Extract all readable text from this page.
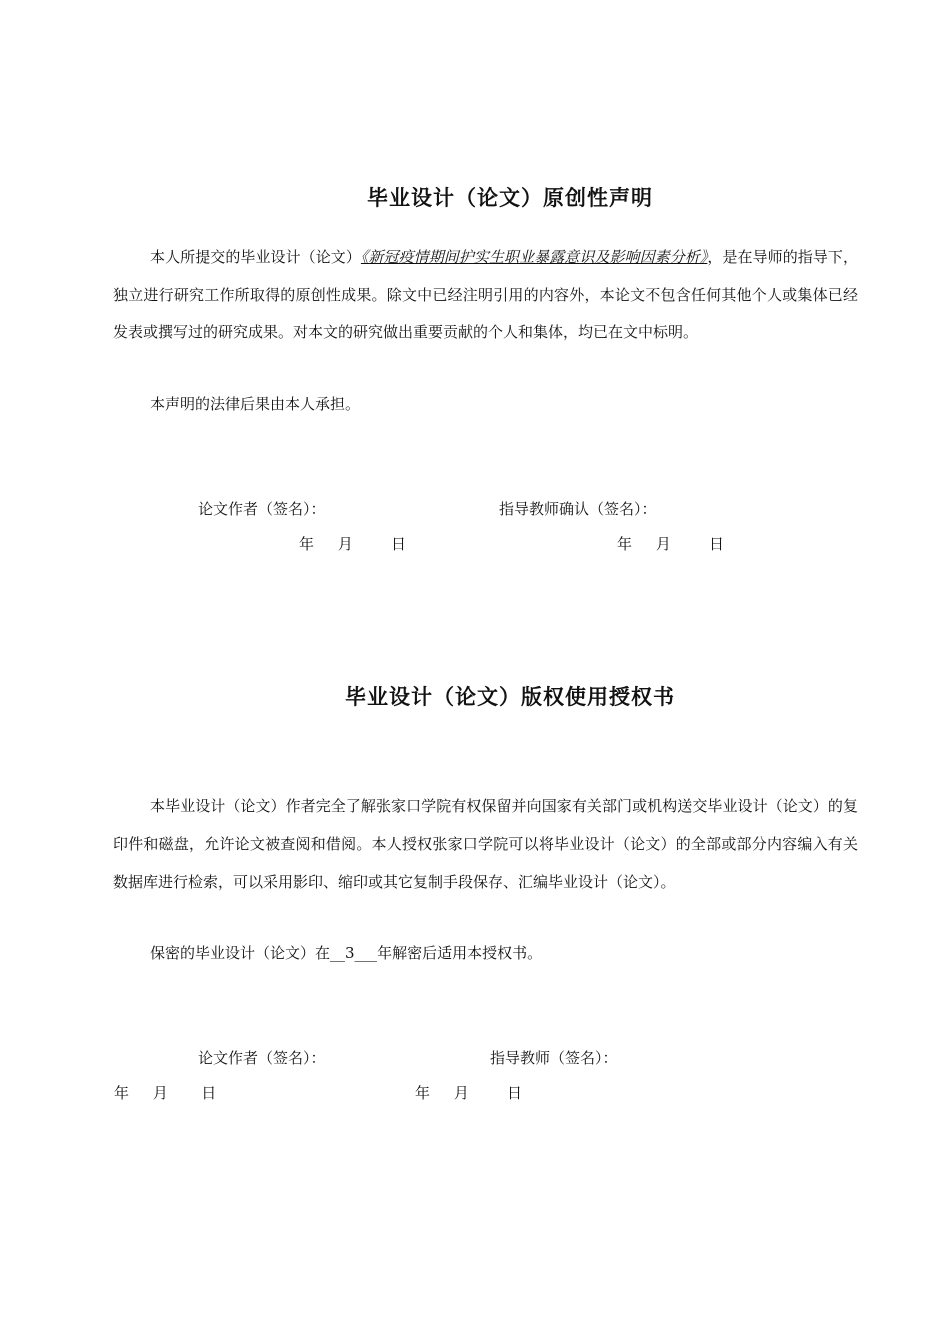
毕业设计（论文）原创性声明

本人所提交的毕业设计（论文）《新冠疫情期间护实生职业暴露意识及影响因素分析》，是在导师的指导下，独立进行研究工作所取得的原创性成果。除文中已经注明引用的内容外，本论文不包含任何其他个人或集体已经发表或撰写过的研究成果。对本文的研究做出重要贡献的个人和集体，均已在文中标明。

本声明的法律后果由本人承担。

论文作者（签名）：	指导教师确认（签名）：

年     月        日	年     月        日

毕业设计（论文）版权使用授权书

本毕业设计（论文）作者完全了解张家口学院有权保留并向国家有关部门或机构送交毕业设计（论文）的复印件和磁盘，允许论文被查阅和借阅。本人授权张家口学院可以将毕业设计（论文）的全部或部分内容编入有关数据库进行检索，可以采用影印、缩印或其它复制手段保存、汇编毕业设计（论文）。

保密的毕业设计（论文）在__3___年解密后适用本授权书。

论文作者（签名）：	指导教师（签名）：

年     月       日	年     月        日
